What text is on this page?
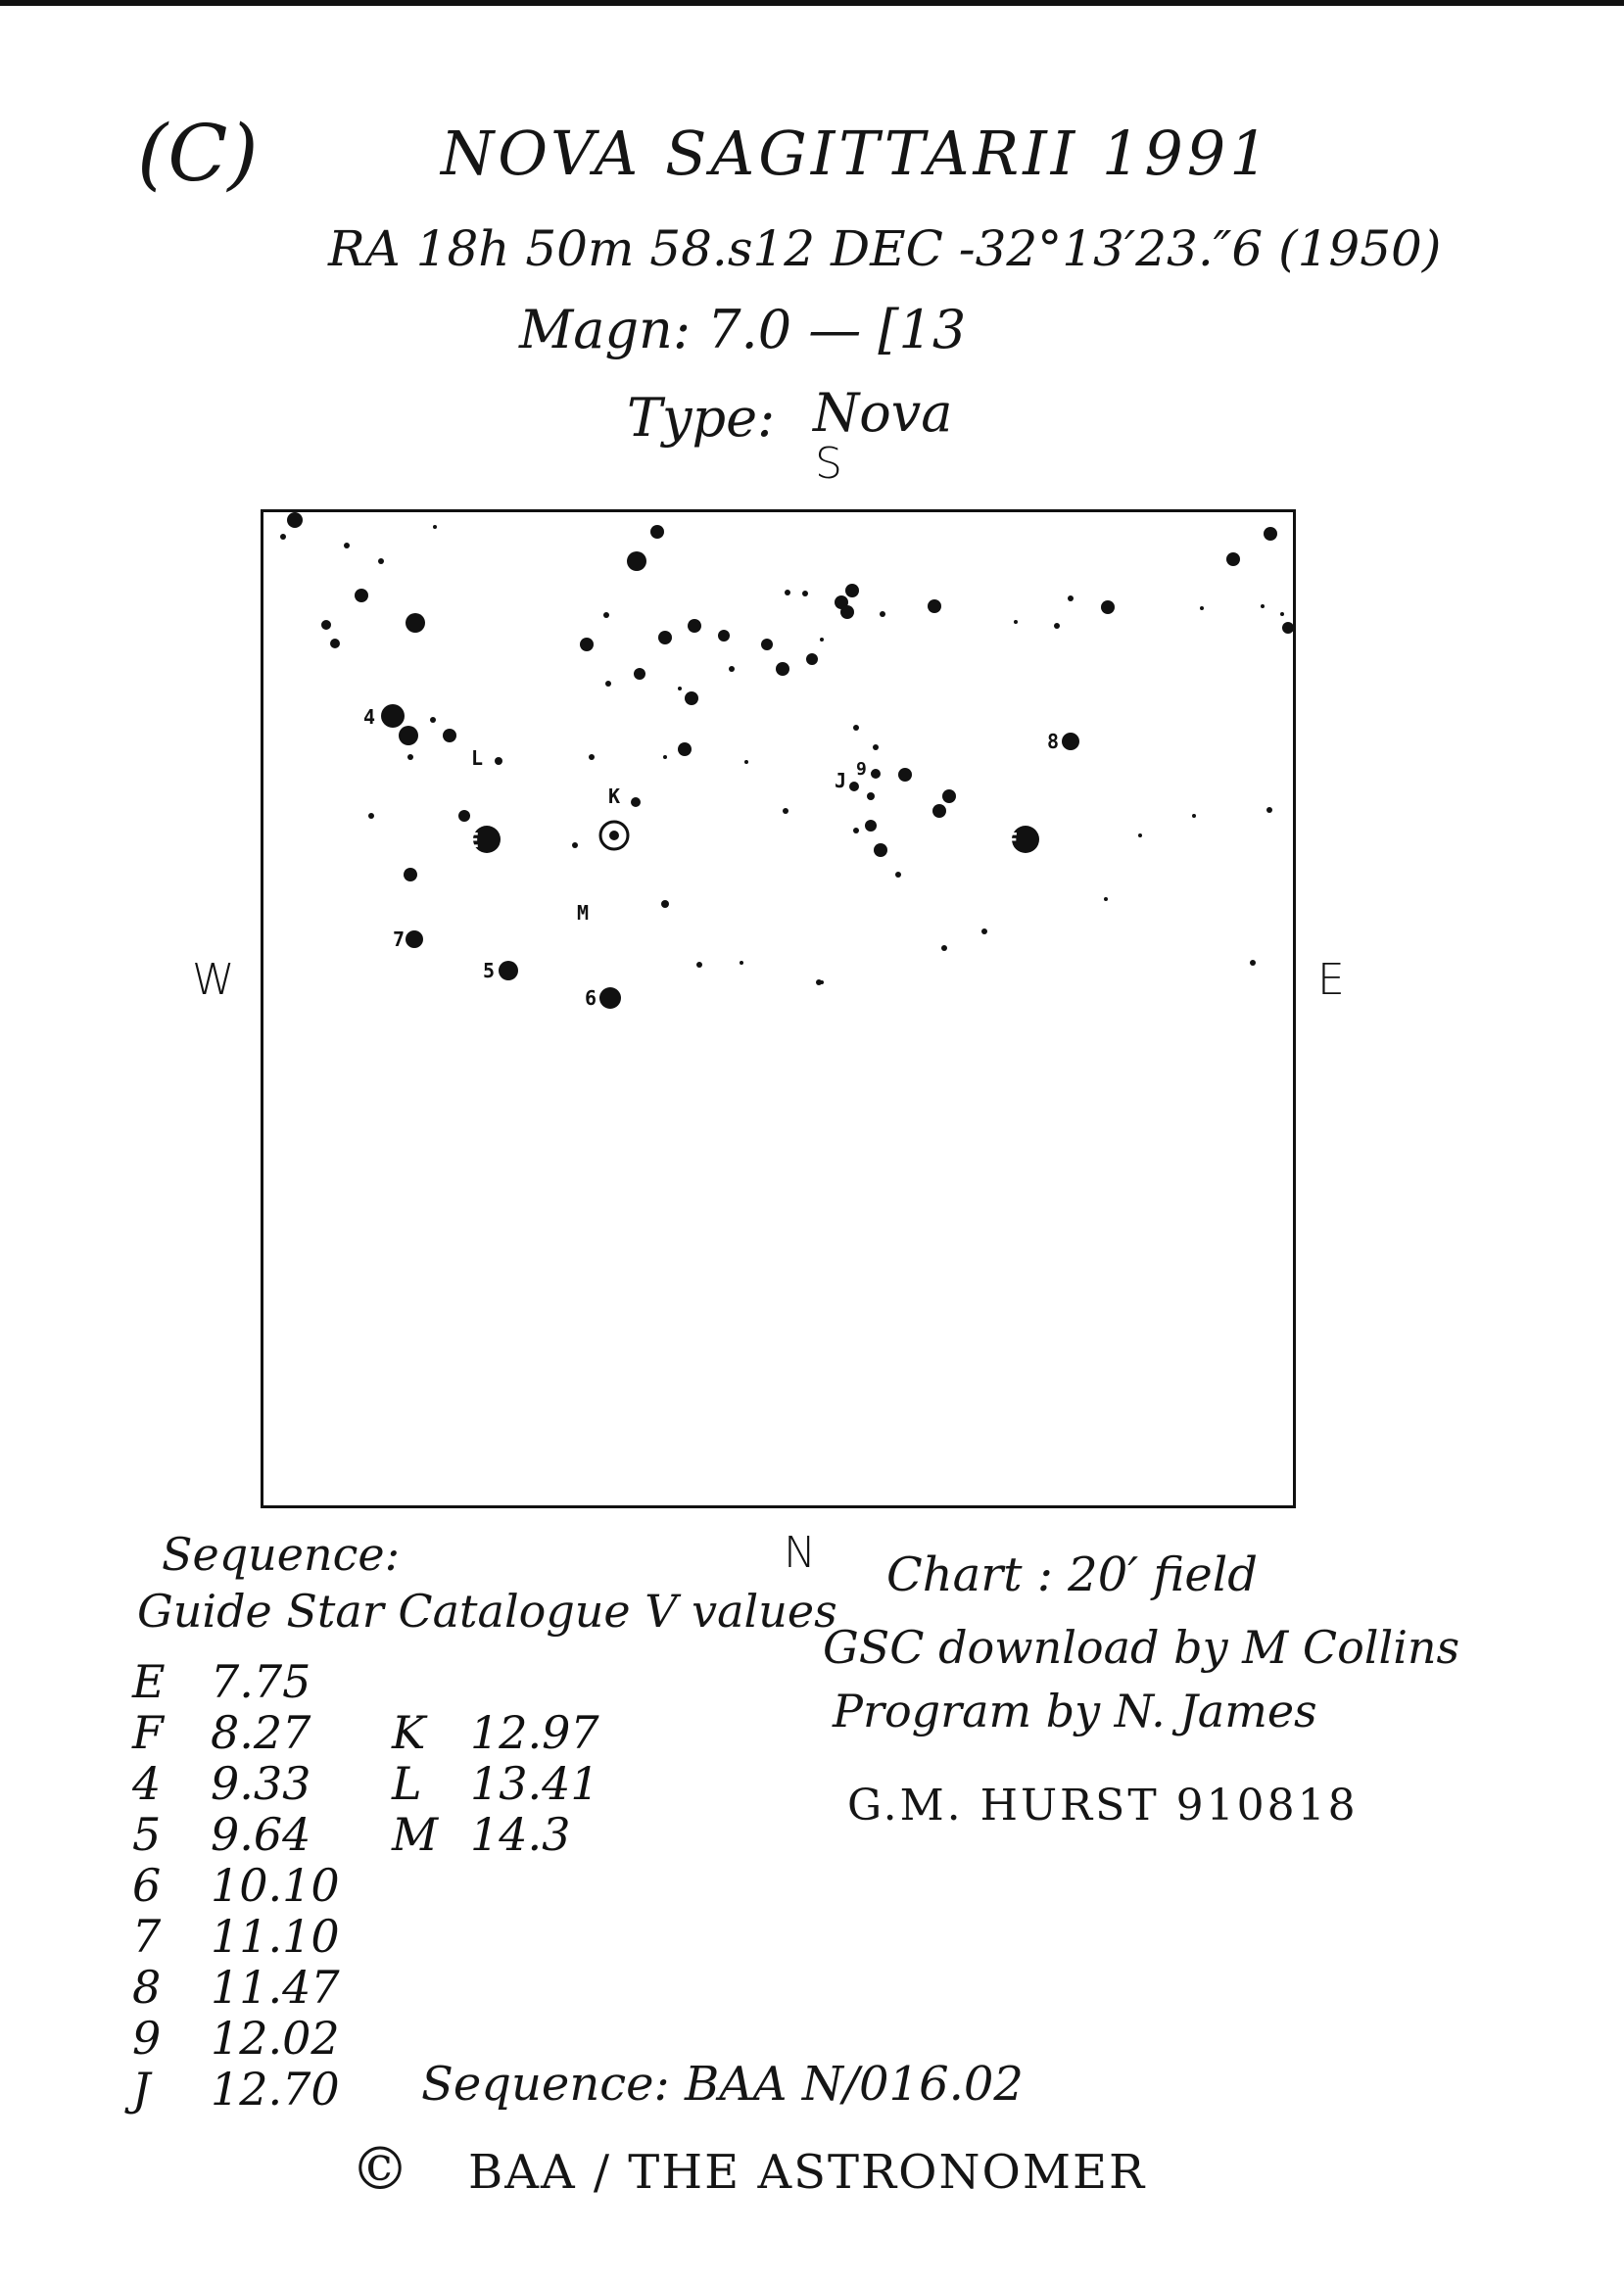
(C)	NOVA SAGITTARII 1991
RA 18h 50m 58.s12 DEC -32°13′23.″6 (1950)
Magn: 7.0 — [13
Type: Nova
S
N
W	E
4
8
L	9
J
K
E	F
M
7
5
6
Sequence:
Guide Star Catalogue V values
E 7.75
F 8.27
4 9.33
5 9.64
6 10.10
7 11.10
8 11.47
9 12.02
J 12.70
K 12.97
L 13.41
M 14.3
Chart : 20′ field
GSC download by M Collins
Program by N. James
G.M. HURST 910818
Sequence: BAA N/016.02
© BAA / THE ASTRONOMER
